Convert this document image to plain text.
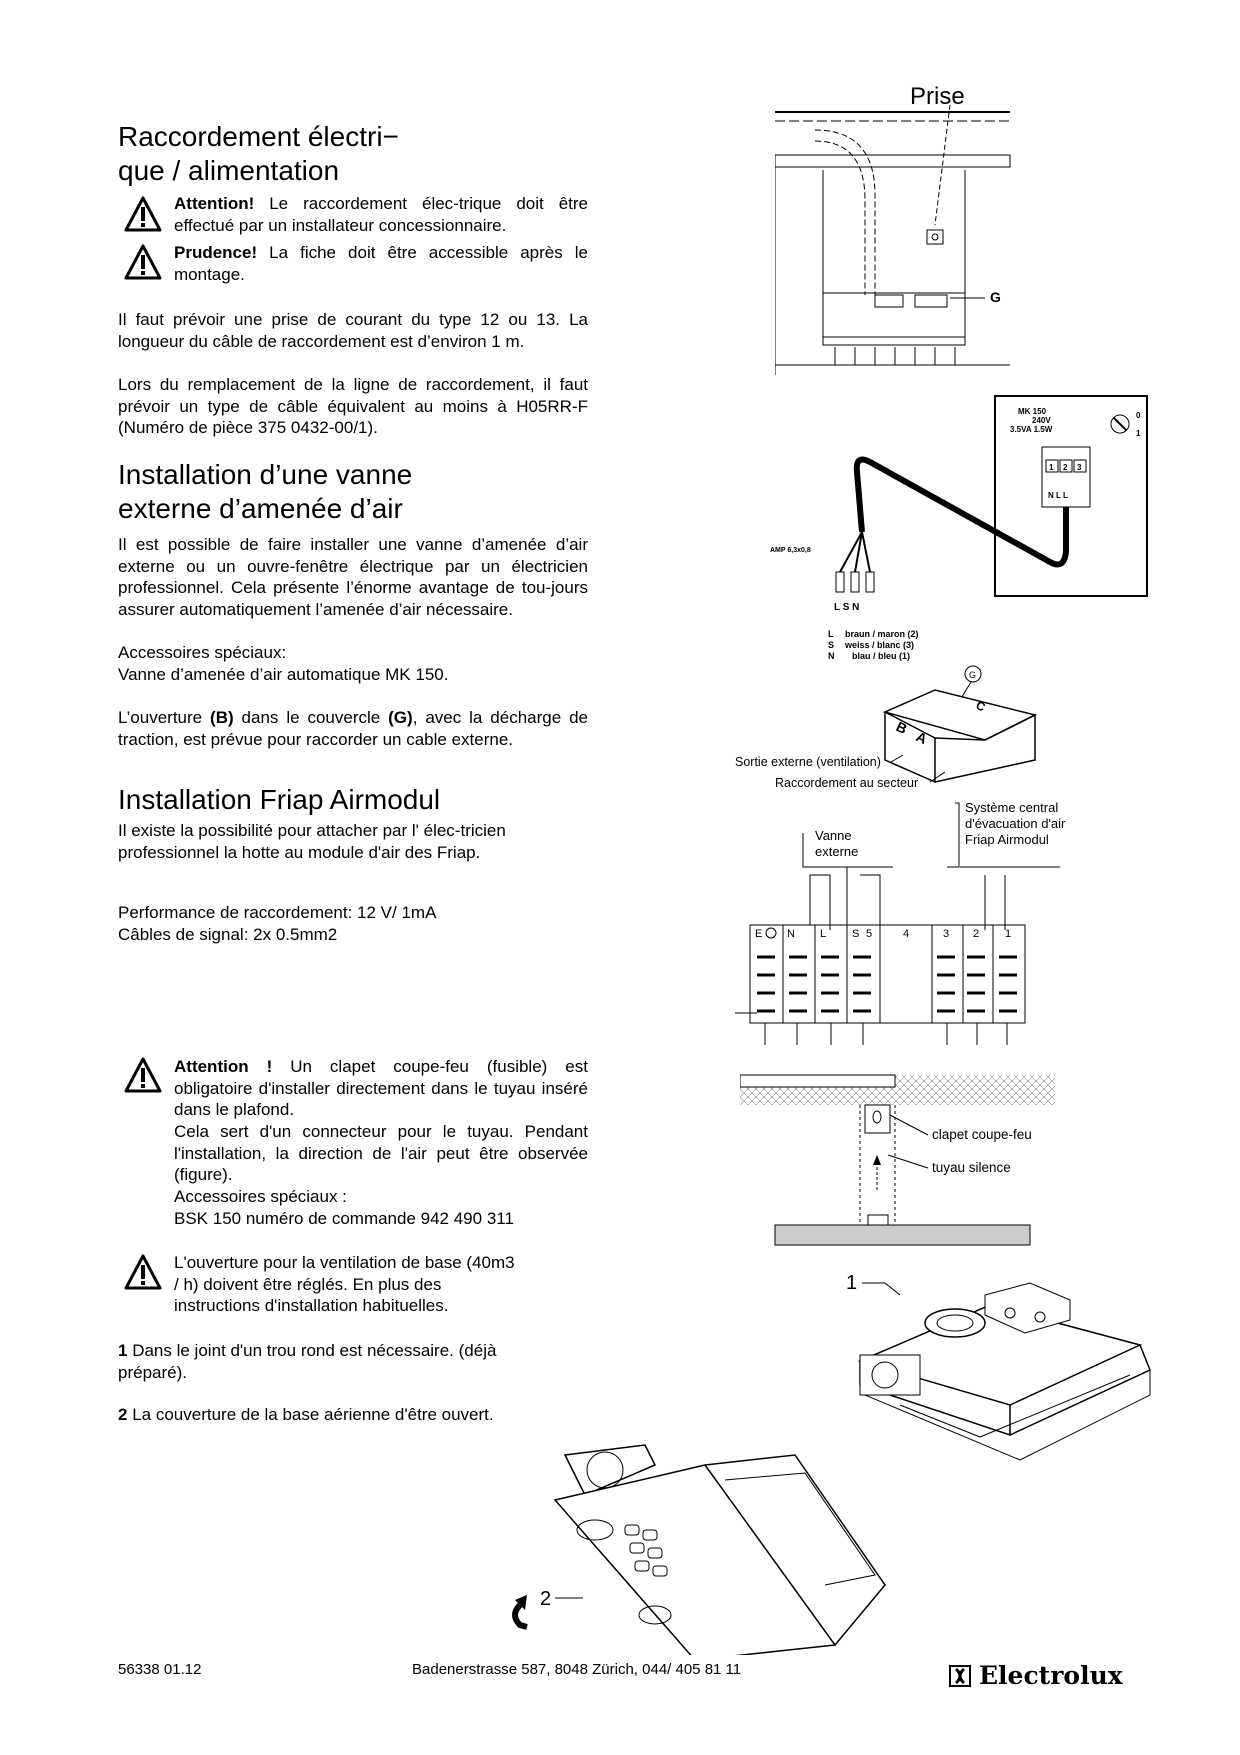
Raccordement électri−
que / alimentation
Attention! Le raccordement élec-trique doit être effectué par un installateur concessionnaire.
Prudence! La fiche doit être accessible après le montage.
Il faut prévoir une prise de courant du type 12 ou 13. La longueur du câble de raccordement est d’environ 1 m.
Lors du remplacement de la ligne de raccordement, il faut prévoir un type de câble équivalent au moins à H05RR-F (Numéro de pièce 375 0432-00/1).
Installation d’une vanne
externe d’amenée d’air
Il est possible de faire installer une vanne d’amenée d’air externe ou un ouvre-fenêtre électrique par un électricien professionnel. Cela présente l’énorme avantage de tou-jours assurer automatiquement l’amenée d’air nécessaire.
Accessoires spéciaux:
Vanne d’amenée d’air automatique MK 150.
L’ouverture (B) dans le couvercle (G), avec la décharge de traction, est prévue pour raccorder un cable externe.
Installation Friap Airmodul
Il existe la possibilité pour attacher par l' élec-tricien professionnel la hotte au module d'air des Friap.
Performance de raccordement: 12 V/ 1mA
Câbles de signal: 2x 0.5mm2
Attention ! Un clapet coupe-feu (fusible) est obligatoire d'installer directement dans le tuyau inséré dans le plafond.
Cela sert d'un connecteur pour le tuyau. Pendant l'installation, la direction de l'air peut être observée (figure).
Accessoires spéciaux :
BSK 150 numéro de commande 942 490 311
L'ouverture pour la ventilation de base (40m3 / h) doivent être réglés. En plus des instructions d'installation habituelles.
1 Dans le joint d'un trou rond est nécessaire. (déjà préparé).
2 La couverture de la base aérienne d'être ouvert.
Prise
G
MK 150
240V
3.5VA 1.5W
0
1
1 2 3
N L L
AMP 6,3x0,8
L S N
L braun / maron (2)
S weiss / blanc (3)
N blau / bleu (1)
G
B
A
C
Sortie externe (ventilation)
Raccordement au secteur
Système central
d'évacuation d'air
Friap Airmodul
Vanne
externe
E N L S 5	4	3 2 1
clapet coupe-feu
tuyau silence
1
2
56338 01.12	Badenerstrasse 587, 8048 Zürich, 044/ 405 81 11	Electrolux
